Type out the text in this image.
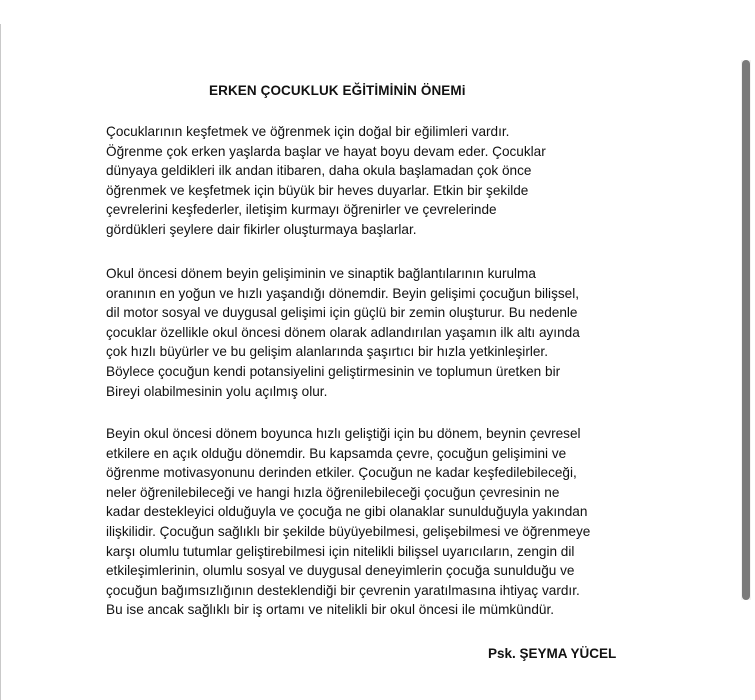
ERKEN ÇOCUKLUK EĞİTİMİNİN ÖNEMi

Çocuklarının keşfetmek ve öğrenmek için doğal bir eğilimleri vardır.
Öğrenme çok erken yaşlarda başlar ve hayat boyu devam eder. Çocuklar
dünyaya geldikleri ilk andan itibaren, daha okula başlamadan çok önce
öğrenmek ve keşfetmek için büyük bir heves duyarlar. Etkin bir şekilde
çevrelerini keşfederler, iletişim kurmayı öğrenirler ve çevrelerinde
gördükleri şeylere dair fikirler oluşturmaya başlarlar.

Okul öncesi dönem beyin gelişiminin ve sinaptik bağlantılarının kurulma
oranının en yoğun ve hızlı yaşandığı dönemdir. Beyin gelişimi çocuğun bilişsel,
dil motor sosyal ve duygusal gelişimi için güçlü bir zemin oluşturur. Bu nedenle
çocuklar özellikle okul öncesi dönem olarak adlandırılan yaşamın ilk altı ayında
çok hızlı büyürler ve bu gelişim alanlarında şaşırtıcı bir hızla yetkinleşirler.
Böylece çocuğun kendi potansiyelini geliştirmesinin ve toplumun üretken bir
Bireyi olabilmesinin yolu açılmış olur.

Beyin okul öncesi dönem boyunca hızlı geliştiği için bu dönem, beynin çevresel
etkilere en açık olduğu dönemdir. Bu kapsamda çevre, çocuğun gelişimini ve
öğrenme motivasyonunu derinden etkiler. Çocuğun ne kadar keşfedilebileceği,
neler öğrenilebileceği ve hangi hızla öğrenilebileceği çocuğun çevresinin ne
kadar destekleyici olduğuyla ve çocuğa ne gibi olanaklar sunulduğuyla yakından
ilişkilidir. Çocuğun sağlıklı bir şekilde büyüyebilmesi, gelişebilmesi ve öğrenmeye
karşı olumlu tutumlar geliştirebilmesi için nitelikli bilişsel uyarıcıların, zengin dil
etkileşimlerinin, olumlu sosyal ve duygusal deneyimlerin çocuğa sunulduğu ve
çocuğun bağımsızlığının desteklendiği bir çevrenin yaratılmasına ihtiyaç vardır.
Bu ise ancak sağlıklı bir iş ortamı ve nitelikli bir okul öncesi ile mümkündür.

Psk. ŞEYMA YÜCEL
